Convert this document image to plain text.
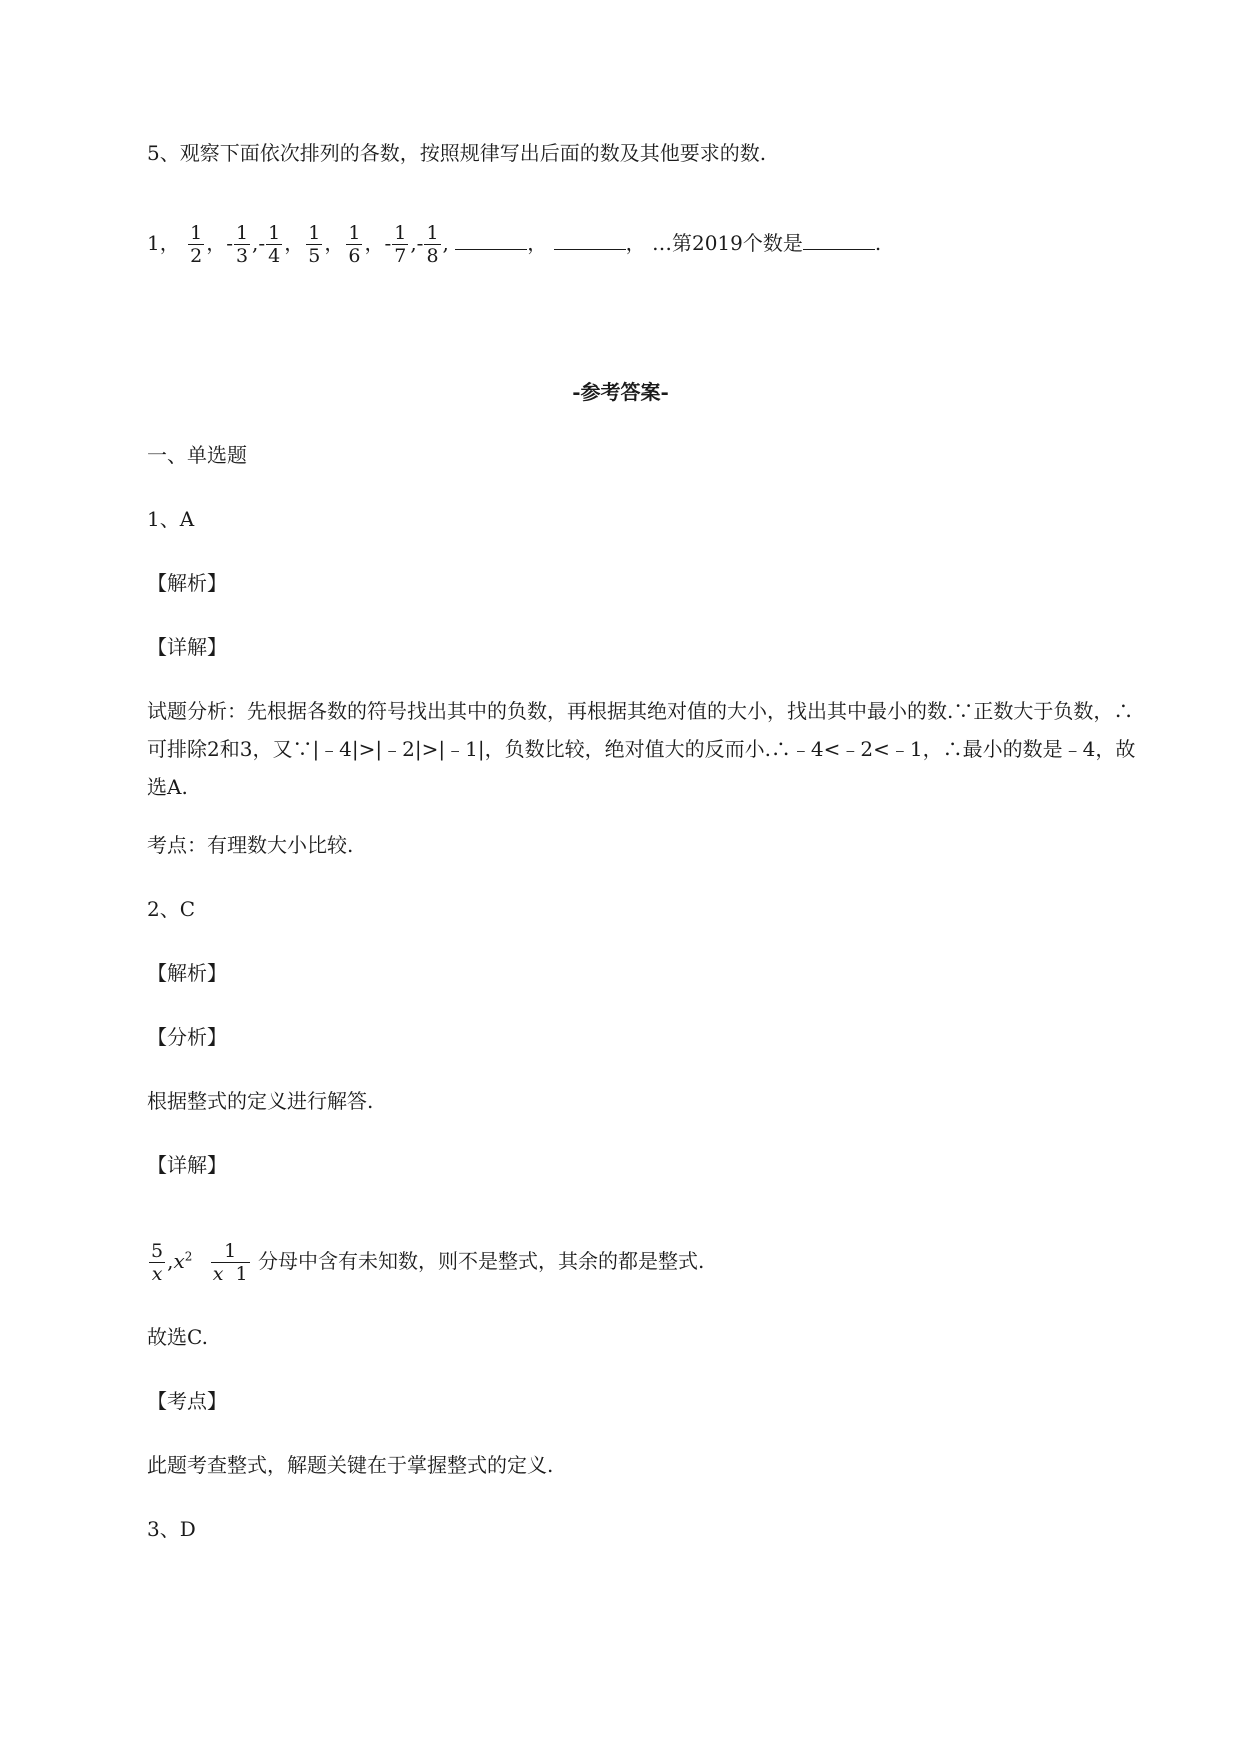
5、观察下面依次排列的各数，按照规律写出后面的数及其他要求的数.
1， $\frac{1}{2}$ ，- $\frac{1}{3}$ ,- $\frac{1}{4}$ ， $\frac{1}{5}$ ， $\frac{1}{6}$ ，- $\frac{1}{7}$ ,- $\frac{1}{8}$ ,	，	， …第2019个数是	.
-参考答案-
一、单选题
1、A
【解析】
【详解】
试题分析：先根据各数的符号找出其中的负数，再根据其绝对值的大小，找出其中最小的数.∵正数大于负数，∴可排除2和3，又∵|﹣4|>|﹣2|>|﹣1|，负数比较，绝对值大的反而小.∴﹣4<﹣2<﹣1，∴最小的数是﹣4，故选A.
考点：有理数大小比较.
2、C
【解析】
【分析】
根据整式的定义进行解答.
【详解】
$\frac{5}{x} ,x^2 \frac{1}{x 1}$ 分母中含有未知数，则不是整式，其余的都是整式.
故选C.
【考点】
此题考查整式，解题关键在于掌握整式的定义.
3、D
